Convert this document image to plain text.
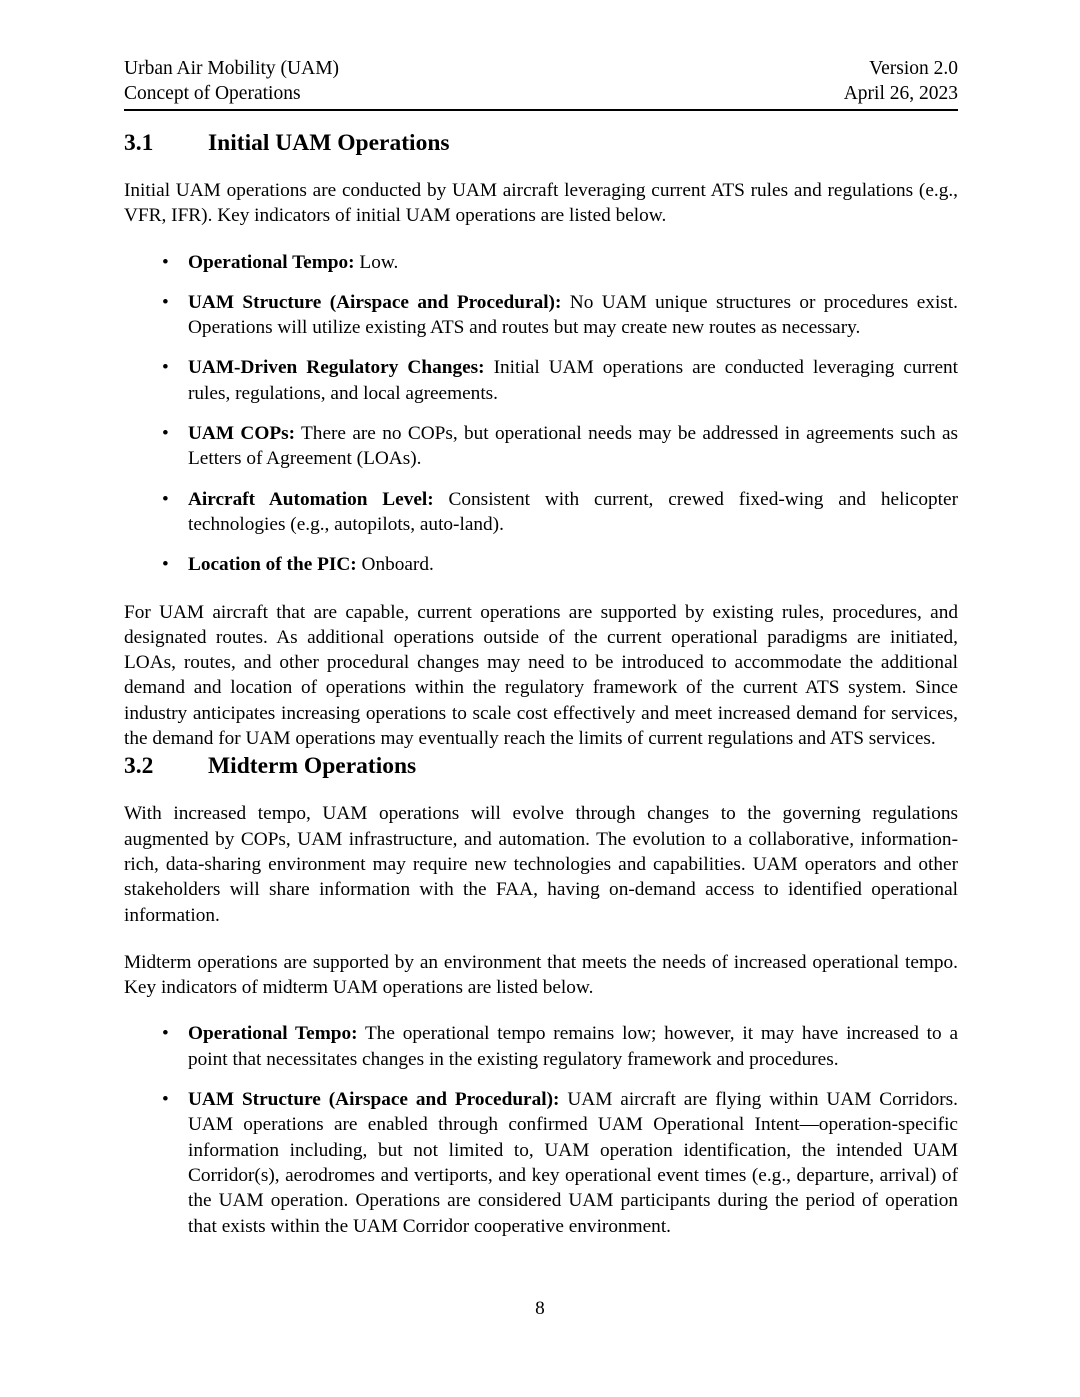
Urban Air Mobility (UAM)	Version 2.0
Concept of Operations	April 26, 2023
3.1	Initial UAM Operations

Initial UAM operations are conducted by UAM aircraft leveraging current ATS rules and regulations (e.g., VFR, IFR). Key indicators of initial UAM operations are listed below.

• Operational Tempo: Low.
• UAM Structure (Airspace and Procedural): No UAM unique structures or procedures exist. Operations will utilize existing ATS and routes but may create new routes as necessary.
• UAM-Driven Regulatory Changes: Initial UAM operations are conducted leveraging current rules, regulations, and local agreements.
• UAM COPs: There are no COPs, but operational needs may be addressed in agreements such as Letters of Agreement (LOAs).
• Aircraft Automation Level: Consistent with current, crewed fixed-wing and helicopter technologies (e.g., autopilots, auto-land).
• Location of the PIC: Onboard.

For UAM aircraft that are capable, current operations are supported by existing rules, procedures, and designated routes. As additional operations outside of the current operational paradigms are initiated, LOAs, routes, and other procedural changes may need to be introduced to accommodate the additional demand and location of operations within the regulatory framework of the current ATS system. Since industry anticipates increasing operations to scale cost effectively and meet increased demand for services, the demand for UAM operations may eventually reach the limits of current regulations and ATS services.

3.2	Midterm Operations

With increased tempo, UAM operations will evolve through changes to the governing regulations augmented by COPs, UAM infrastructure, and automation. The evolution to a collaborative, information-rich, data-sharing environment may require new technologies and capabilities. UAM operators and other stakeholders will share information with the FAA, having on-demand access to identified operational information.

Midterm operations are supported by an environment that meets the needs of increased operational tempo. Key indicators of midterm UAM operations are listed below.

• Operational Tempo: The operational tempo remains low; however, it may have increased to a point that necessitates changes in the existing regulatory framework and procedures.
• UAM Structure (Airspace and Procedural): UAM aircraft are flying within UAM Corridors. UAM operations are enabled through confirmed UAM Operational Intent—operation-specific information including, but not limited to, UAM operation identification, the intended UAM Corridor(s), aerodromes and vertiports, and key operational event times (e.g., departure, arrival) of the UAM operation. Operations are considered UAM participants during the period of operation that exists within the UAM Corridor cooperative environment.
8
